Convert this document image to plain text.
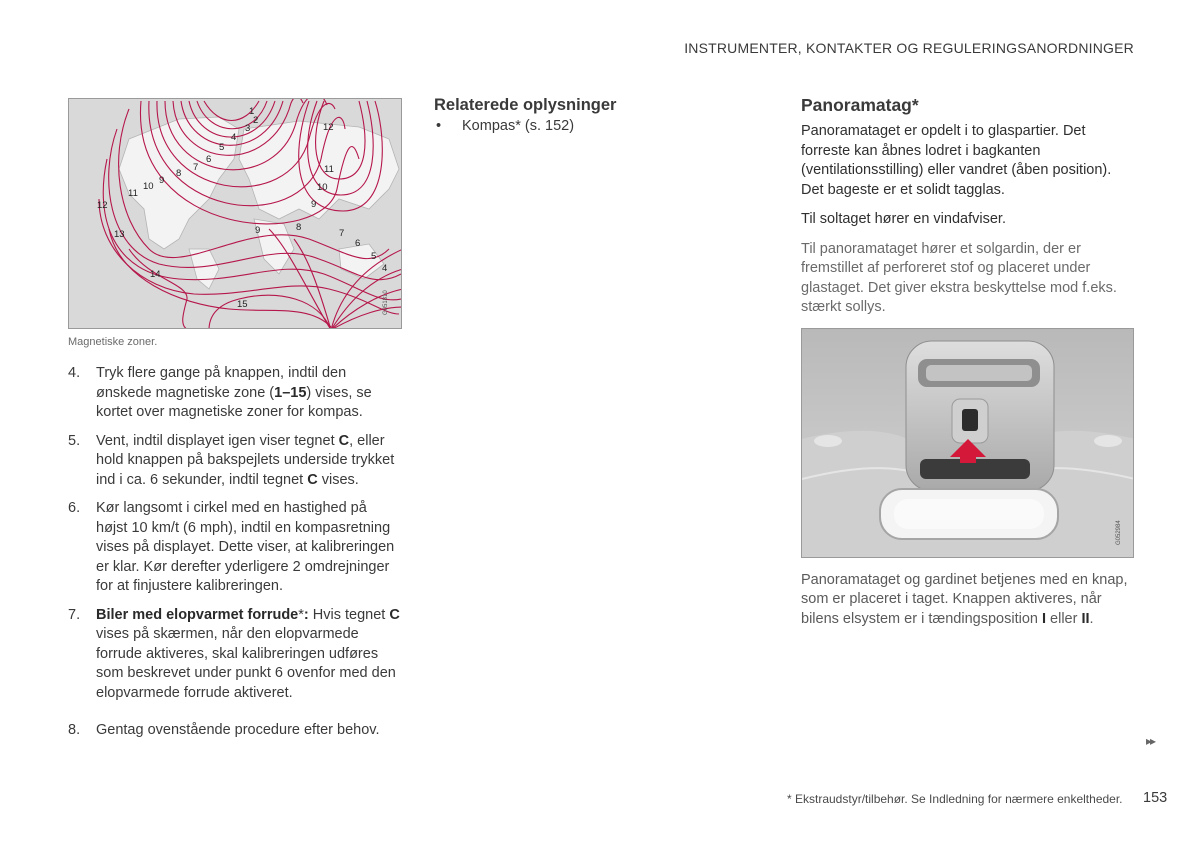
INSTRUMENTER, KONTAKTER OG REGULERINGSANORDNINGER
1
2
3
4
5
6
7
8
9
10
11
12
12
11
10
9
13
14
15
9	8
7
6
5
4
G051810
Magnetiske zoner.
4.	Tryk flere gange på knappen, indtil den ønskede magnetiske zone (1–15) vises, se kortet over magnetiske zoner for kompas.
5.	Vent, indtil displayet igen viser tegnet C, eller hold knappen på bakspejlets underside trykket ind i ca. 6 sekunder, indtil tegnet C vises.
6.	Kør langsomt i cirkel med en hastighed på højst 10 km/t (6 mph), indtil en kompasretning vises på displayet. Dette viser, at kalibreringen er klar. Kør derefter yderligere 2 omdrejninger for at finjustere kalibreringen.
7.	Biler med elopvarmet forrude*: Hvis tegnet C vises på skærmen, når den elopvarmede forrude aktiveres, skal kalibreringen udføres som beskrevet under punkt 6 ovenfor med den elopvarmede forrude aktiveret.
8.	Gentag ovenstående procedure efter behov.
Relaterede oplysninger
•	Kompas* (s. 152)
Panoramatag*
Panoramataget er opdelt i to glaspartier. Det forreste kan åbnes lodret i bagkanten (ventilationsstilling) eller vandret (åben position). Det bageste er et solidt tagglas.
Til soltaget hører en vindafviser.
Til panoramataget hører et solgardin, der er fremstillet af perforeret stof og placeret under glastaget. Det giver ekstra beskyttelse mod f.eks. stærkt sollys.
G052984
Panoramataget og gardinet betjenes med en knap, som er placeret i taget. Knappen aktiveres, når bilens elsystem er i tændingsposition I eller II.
▸▸
* Ekstraudstyr/tilbehør. Se Indledning for nærmere enkeltheder. 153
